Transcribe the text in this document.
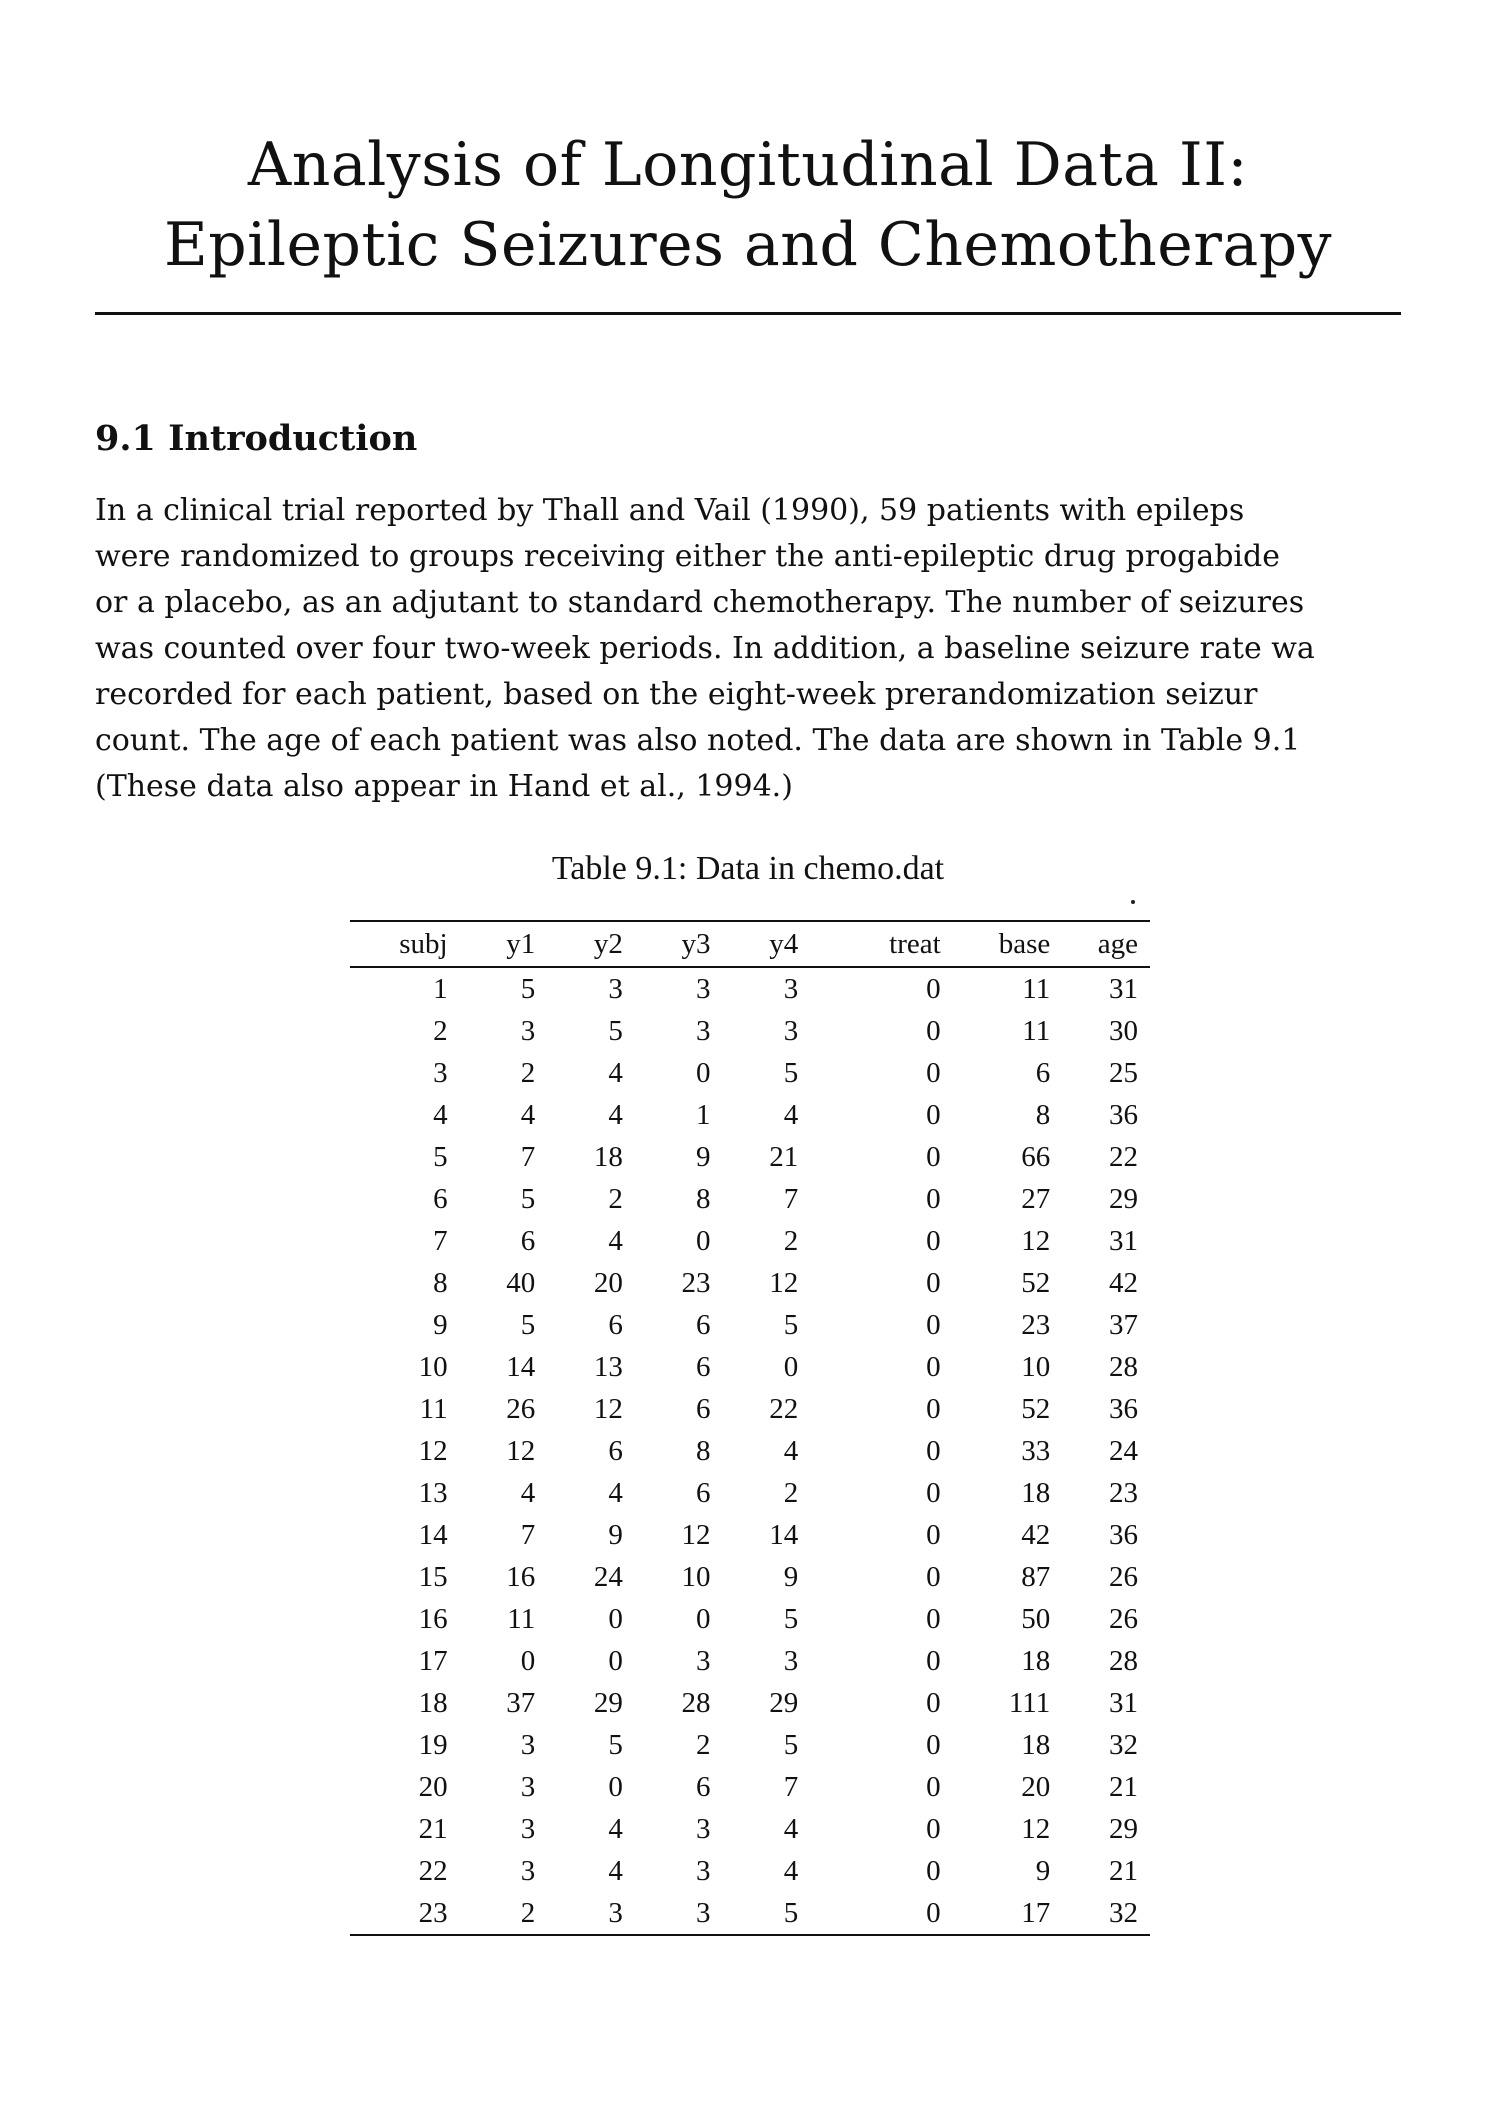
Analysis of Longitudinal Data II:
Epileptic Seizures and Chemotherapy
9.1 Introduction

In a clinical trial reported by Thall and Vail (1990), 59 patients with epileps
were randomized to groups receiving either the anti-epileptic drug progabide
or a placebo, as an adjutant to standard chemotherapy. The number of seizures
was counted over four two-week periods. In addition, a baseline seizure rate wa
recorded for each patient, based on the eight-week prerandomization seizur
count. The age of each patient was also noted. The data are shown in Table 9.1
(These data also appear in Hand et al., 1994.)

Table 9.1: Data in chemo.dat

subj	y1	y2	y3	y4	treat	base	age
1	5	3	3	3	0	11	31
2	3	5	3	3	0	11	30
3	2	4	0	5	0	6	25
4	4	4	1	4	0	8	36
5	7	18	9	21	0	66	22
6	5	2	8	7	0	27	29
7	6	4	0	2	0	12	31
8	40	20	23	12	0	52	42
9	5	6	6	5	0	23	37
10	14	13	6	0	0	10	28
11	26	12	6	22	0	52	36
12	12	6	8	4	0	33	24
13	4	4	6	2	0	18	23
14	7	9	12	14	0	42	36
15	16	24	10	9	0	87	26
16	11	0	0	5	0	50	26
17	0	0	3	3	0	18	28
18	37	29	28	29	0	111	31
19	3	5	2	5	0	18	32
20	3	0	6	7	0	20	21
21	3	4	3	4	0	12	29
22	3	4	3	4	0	9	21
23	2	3	3	5	0	17	32
